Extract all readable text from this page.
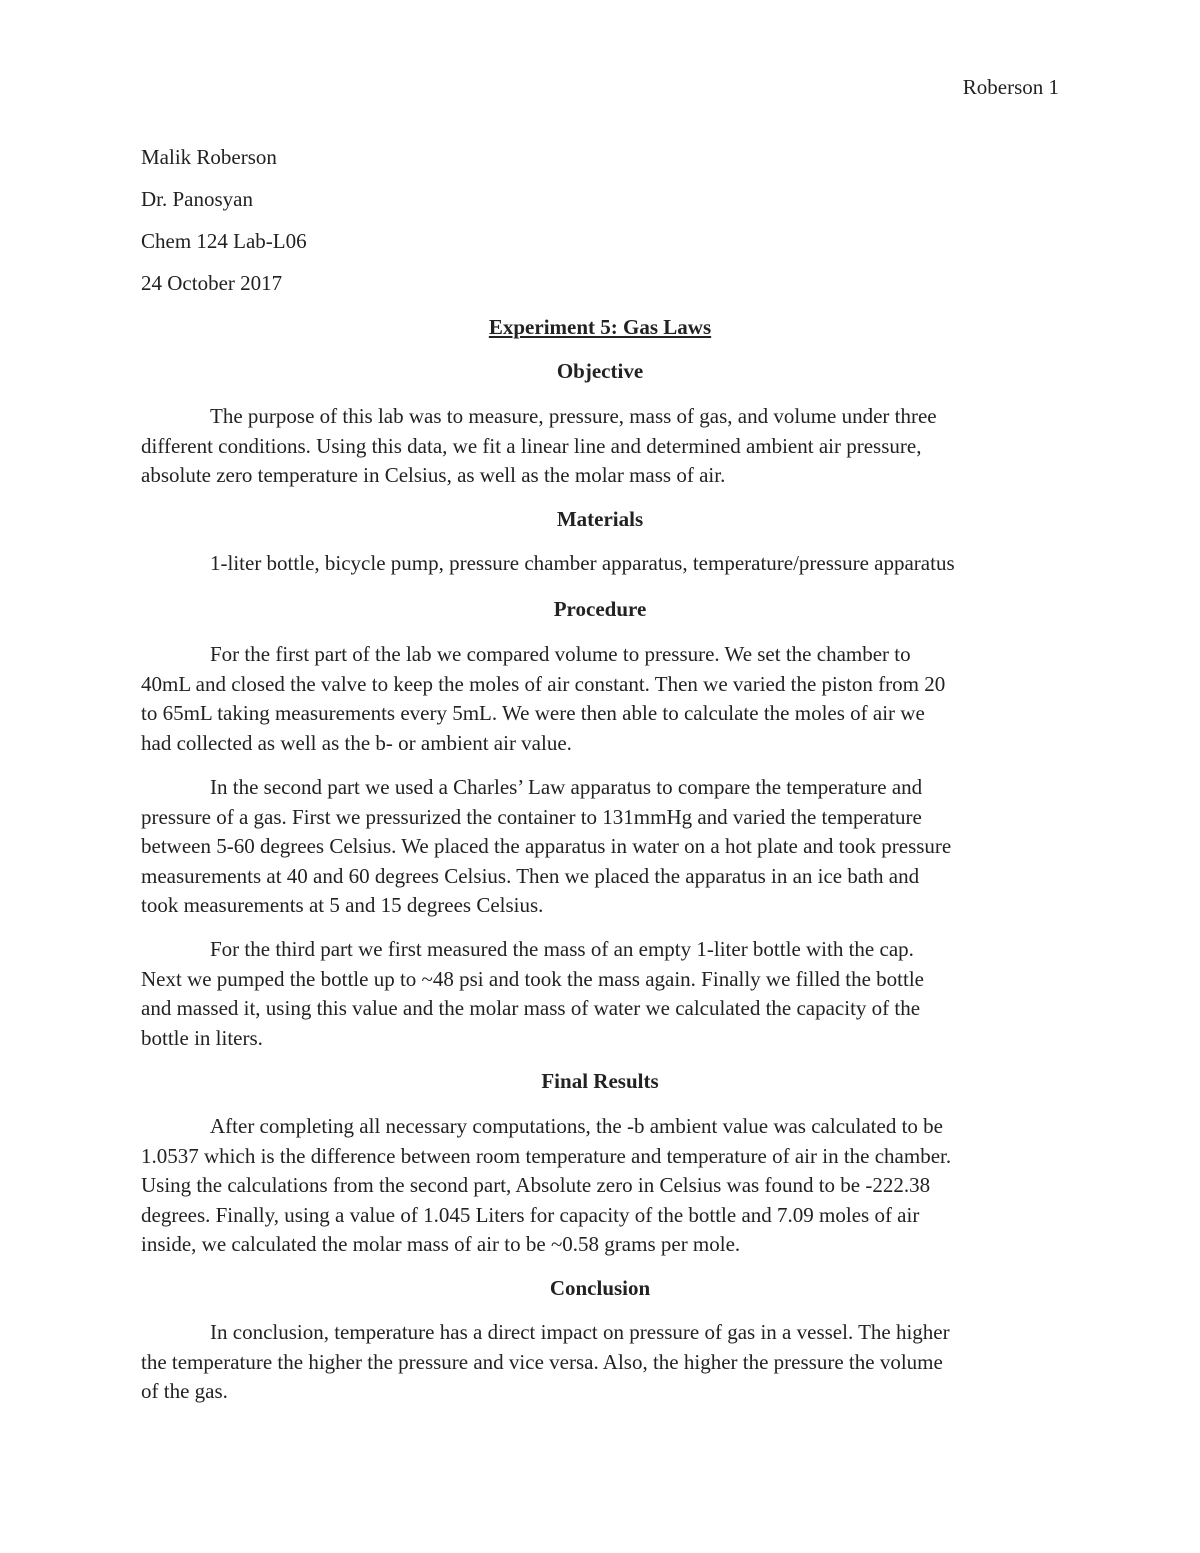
Roberson 1
Malik Roberson
Dr. Panosyan
Chem 124 Lab-L06
24 October 2017
Experiment 5: Gas Laws
Objective
The purpose of this lab was to measure, pressure, mass of gas, and volume under three
different conditions. Using this data, we fit a linear line and determined ambient air pressure,
absolute zero temperature in Celsius, as well as the molar mass of air.
Materials
1-liter bottle, bicycle pump, pressure chamber apparatus, temperature/pressure apparatus
Procedure
For the first part of the lab we compared volume to pressure. We set the chamber to
40mL and closed the valve to keep the moles of air constant. Then we varied the piston from 20
to 65mL taking measurements every 5mL. We were then able to calculate the moles of air we
had collected as well as the b- or ambient air value.
In the second part we used a Charles’ Law apparatus to compare the temperature and
pressure of a gas. First we pressurized the container to 131mmHg and varied the temperature
between 5-60 degrees Celsius. We placed the apparatus in water on a hot plate and took pressure
measurements at 40 and 60 degrees Celsius. Then we placed the apparatus in an ice bath and
took measurements at 5 and 15 degrees Celsius.
For the third part we first measured the mass of an empty 1-liter bottle with the cap.
Next we pumped the bottle up to ~48 psi and took the mass again. Finally we filled the bottle
and massed it, using this value and the molar mass of water we calculated the capacity of the
bottle in liters.
Final Results
After completing all necessary computations, the -b ambient value was calculated to be
1.0537 which is the difference between room temperature and temperature of air in the chamber.
Using the calculations from the second part, Absolute zero in Celsius was found to be -222.38
degrees. Finally, using a value of 1.045 Liters for capacity of the bottle and 7.09 moles of air
inside, we calculated the molar mass of air to be ~0.58 grams per mole.
Conclusion
In conclusion, temperature has a direct impact on pressure of gas in a vessel. The higher
the temperature the higher the pressure and vice versa. Also, the higher the pressure the volume
of the gas.
